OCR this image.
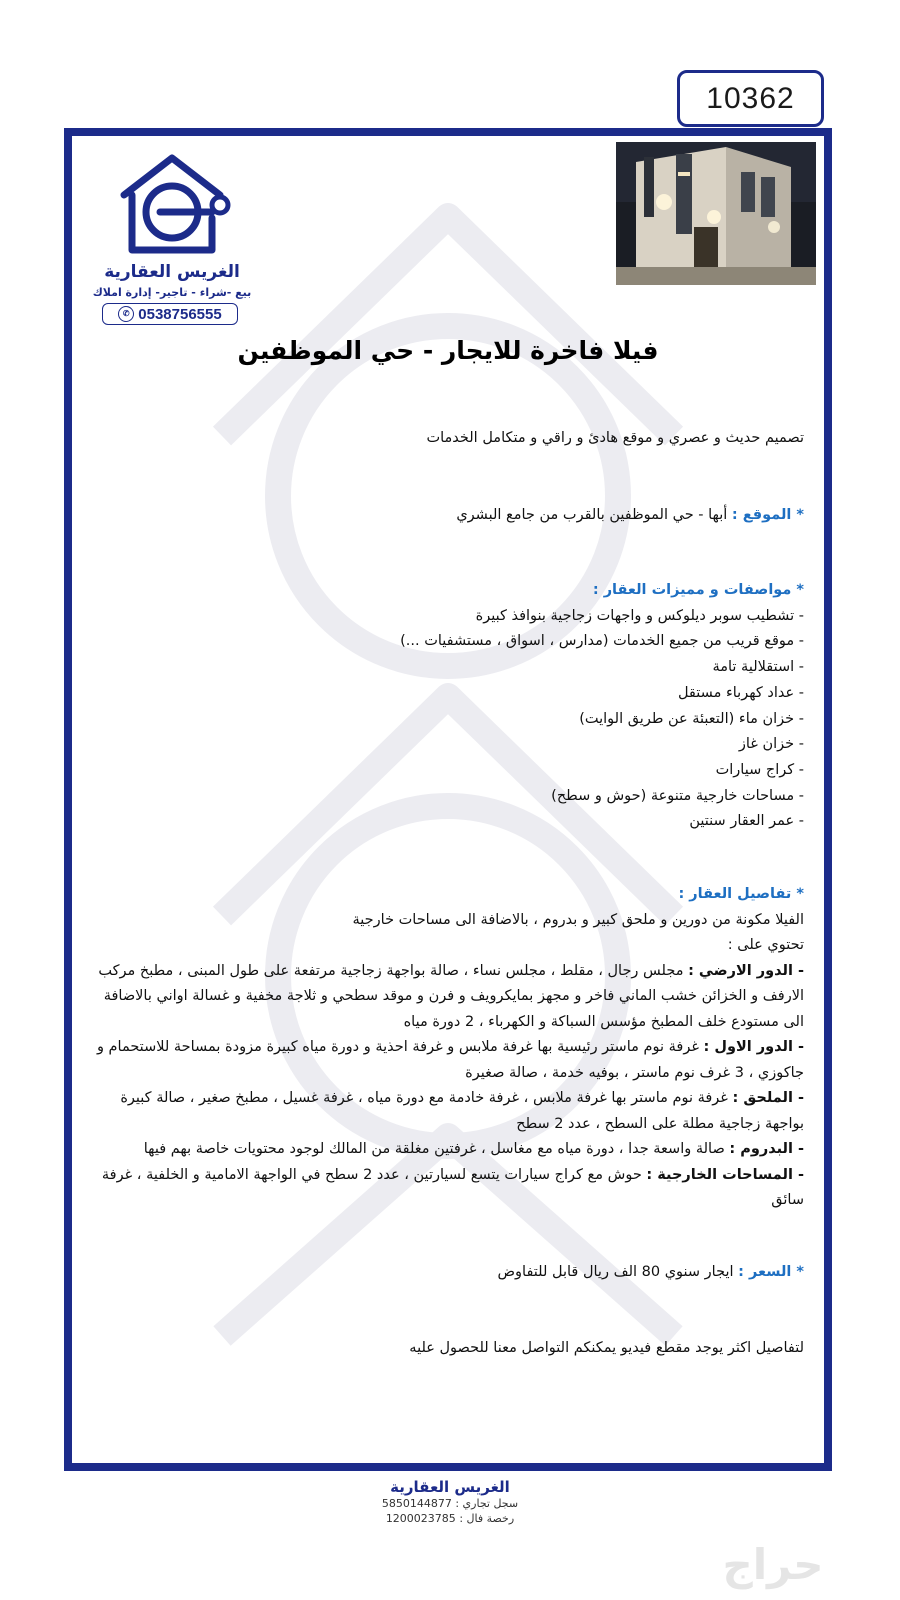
10362
الغريس العقارية
بيع -شراء - تاجير- إدارة املاك
✆ 0538756555
فيلا فاخرة للايجار - حي الموظفين
تصميم حديث و عصري و موقع هادئ و راقي و متكامل الخدمات
* الموقع : أبها - حي الموظفين بالقرب من جامع البشري
* مواصفات و مميزات العقار :
- تشطيب سوبر ديلوكس و واجهات زجاجية بنوافذ كبيرة
- موقع قريب من جميع الخدمات (مدارس ، اسواق ، مستشفيات ...)
- استقلالية تامة
- عداد كهرباء مستقل
- خزان ماء (التعبئة عن طريق الوايت)
- خزان غاز
- كراج سيارات
- مساحات خارجية متنوعة (حوش و سطح)
- عمر العقار سنتين
* تفاصيل العقار :
الفيلا مكونة من دورين و ملحق كبير و بدروم ، بالاضافة الى مساحات خارجية
تحتوي على :
- الدور الارضي : مجلس رجال ، مقلط ، مجلس نساء ، صالة بواجهة زجاجية مرتفعة على طول المبنى ، مطبخ مركب الارفف و الخزائن خشب الماني فاخر و مجهز بمايكرويف و فرن و موقد سطحي و ثلاجة مخفية و غسالة اواني بالاضافة الى مستودع خلف المطبخ مؤسس السباكة و الكهرباء ، 2 دورة مياه
- الدور الاول : غرفة نوم ماستر رئيسية بها غرفة ملابس و غرفة احذية و دورة مياه كبيرة مزودة بمساحة للاستحمام و جاكوزي ، 3 غرف نوم ماستر ، بوفيه خدمة ، صالة صغيرة
- الملحق : غرفة نوم ماستر بها غرفة ملابس ، غرفة خادمة مع دورة مياه ، غرفة غسيل ، مطبخ صغير ، صالة كبيرة بواجهة زجاجية مطلة على السطح ، عدد 2 سطح
- البدروم : صالة واسعة جدا ، دورة مياه مع مغاسل ، غرفتين مغلقة من المالك لوجود محتويات خاصة بهم فيها
- المساحات الخارجية : حوش مع كراج سيارات يتسع لسيارتين ، عدد 2 سطح في الواجهة الامامية و الخلفية ، غرفة سائق
* السعر : ايجار سنوي 80 الف ريال قابل للتفاوض
لتفاصيل اكثر يوجد مقطع فيديو يمكنكم التواصل معنا للحصول عليه
الغريس العقارية
سجل تجاري : 5850144877
رخصة فال : 1200023785
حراج
